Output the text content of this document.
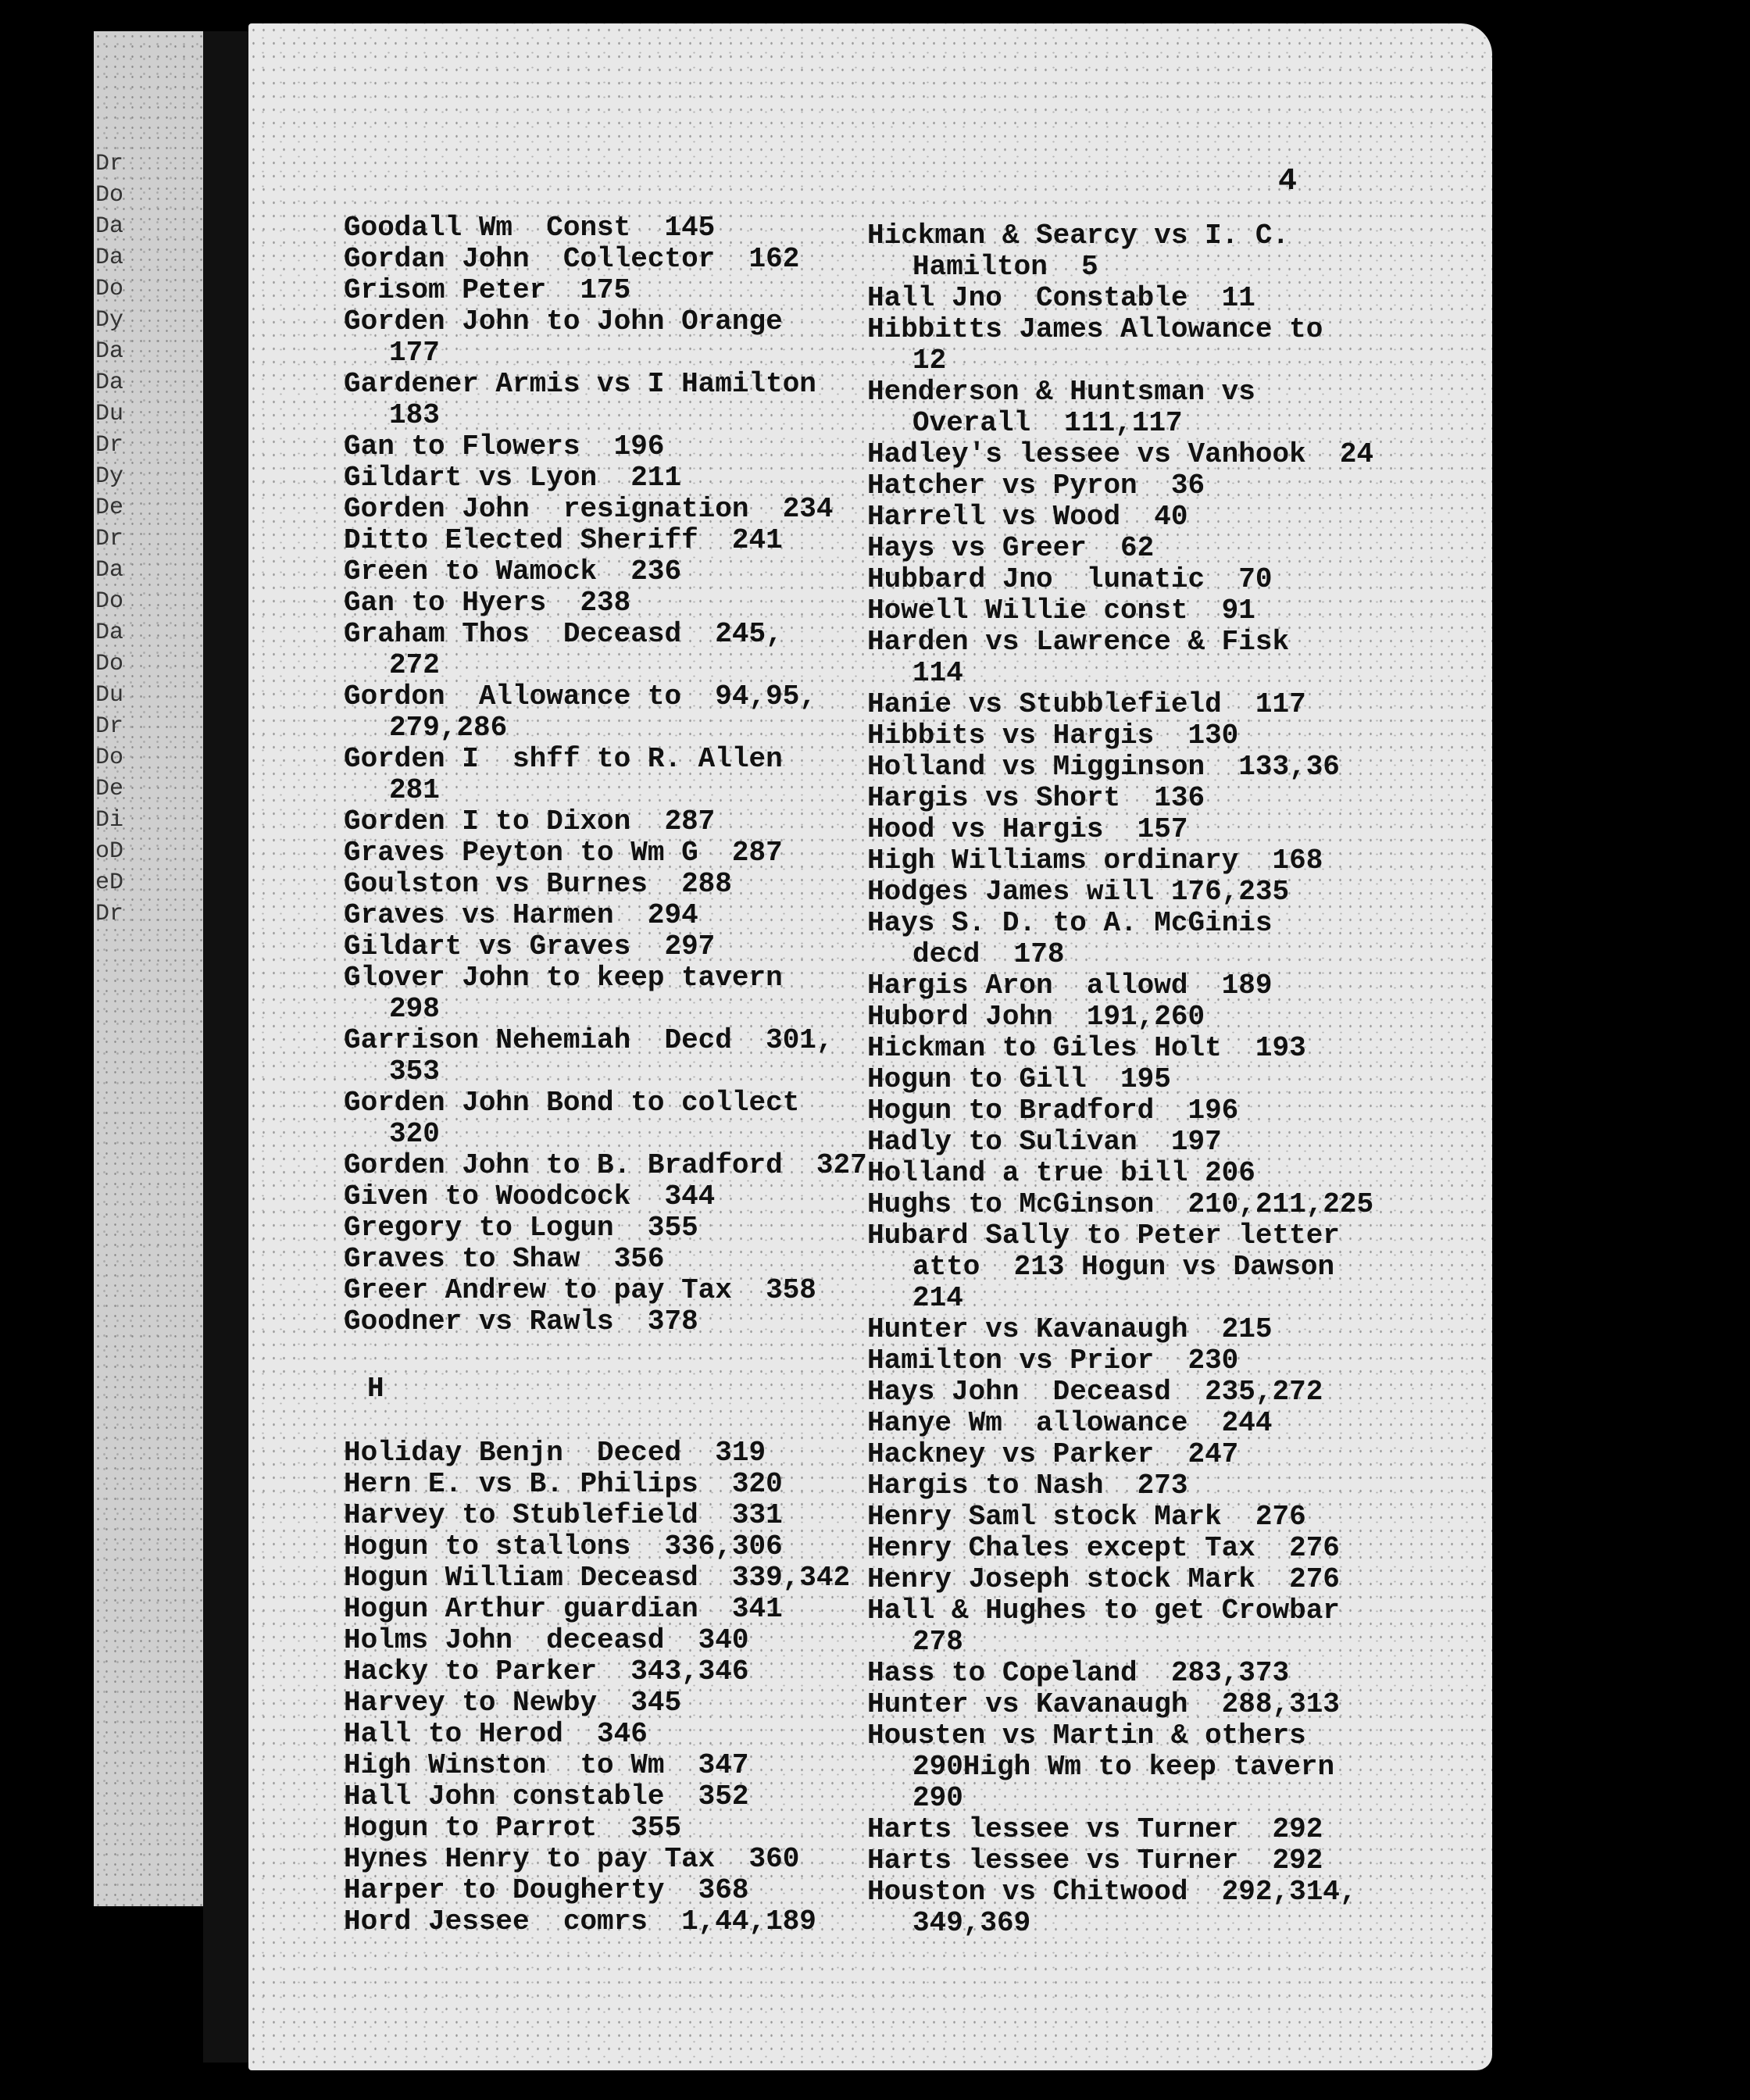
Dr
Do
Da
Da
Do
Dy
Da
Da
Du
Dr
Dy
De
Dr
Da
Do
Da
Do
Du
Dr
Do
De
Di
oD
eD
Dr
4
Goodall Wm  Const  145
Gordan John  Collector  162
Grisom Peter  175
Gorden John to John Orange
177
Gardener Armis vs I Hamilton
183
Gan to Flowers  196
Gildart vs Lyon  211
Gorden John  resignation  234
Ditto Elected Sheriff  241
Green to Wamock  236
Gan to Hyers  238
Graham Thos  Deceasd  245,
272
Gordon  Allowance to  94,95,
279,286
Gorden I  shff to R. Allen
281
Gorden I to Dixon  287
Graves Peyton to Wm G  287
Goulston vs Burnes  288
Graves vs Harmen  294
Gildart vs Graves  297
Glover John to keep tavern
298
Garrison Nehemiah  Decd  301,
353
Gorden John Bond to collect
320
Gorden John to B. Bradford  327
Given to Woodcock  344
Gregory to Logun  355
Graves to Shaw  356
Greer Andrew to pay Tax  358
Goodner vs Rawls  378
H
Holiday Benjn  Deced  319
Hern E. vs B. Philips  320
Harvey to Stublefield  331
Hogun to stallons  336,306
Hogun William Deceasd  339,342
Hogun Arthur guardian  341
Holms John  deceasd  340
Hacky to Parker  343,346
Harvey to Newby  345
Hall to Herod  346
High Winston  to Wm  347
Hall John constable  352
Hogun to Parrot  355
Hynes Henry to pay Tax  360
Harper to Dougherty  368
Hord Jessee  comrs  1,44,189
Hickman & Searcy vs I. C.
Hamilton  5
Hall Jno  Constable  11
Hibbitts James Allowance to
12
Henderson & Huntsman vs
Overall  111,117
Hadley's lessee vs Vanhook  24
Hatcher vs Pyron  36
Harrell vs Wood  40
Hays vs Greer  62
Hubbard Jno  lunatic  70
Howell Willie const  91
Harden vs Lawrence & Fisk
114
Hanie vs Stubblefield  117
Hibbits vs Hargis  130
Holland vs Migginson  133,36
Hargis vs Short  136
Hood vs Hargis  157
High Williams ordinary  168
Hodges James will 176,235
Hays S. D. to A. McGinis
decd  178
Hargis Aron  allowd  189
Hubord John  191,260
Hickman to Giles Holt  193
Hogun to Gill  195
Hogun to Bradford  196
Hadly to Sulivan  197
Holland a true bill 206
Hughs to McGinson  210,211,225
Hubard Sally to Peter letter
atto  213 Hogun vs Dawson
214
Hunter vs Kavanaugh  215
Hamilton vs Prior  230
Hays John  Deceasd  235,272
Hanye Wm  allowance  244
Hackney vs Parker  247
Hargis to Nash  273
Henry Saml stock Mark  276
Henry Chales except Tax  276
Henry Joseph stock Mark  276
Hall & Hughes to get Crowbar
278
Hass to Copeland  283,373
Hunter vs Kavanaugh  288,313
Housten vs Martin & others
290High Wm to keep tavern
290
Harts lessee vs Turner  292
Harts lessee vs Turner  292
Houston vs Chitwood  292,314,
349,369
